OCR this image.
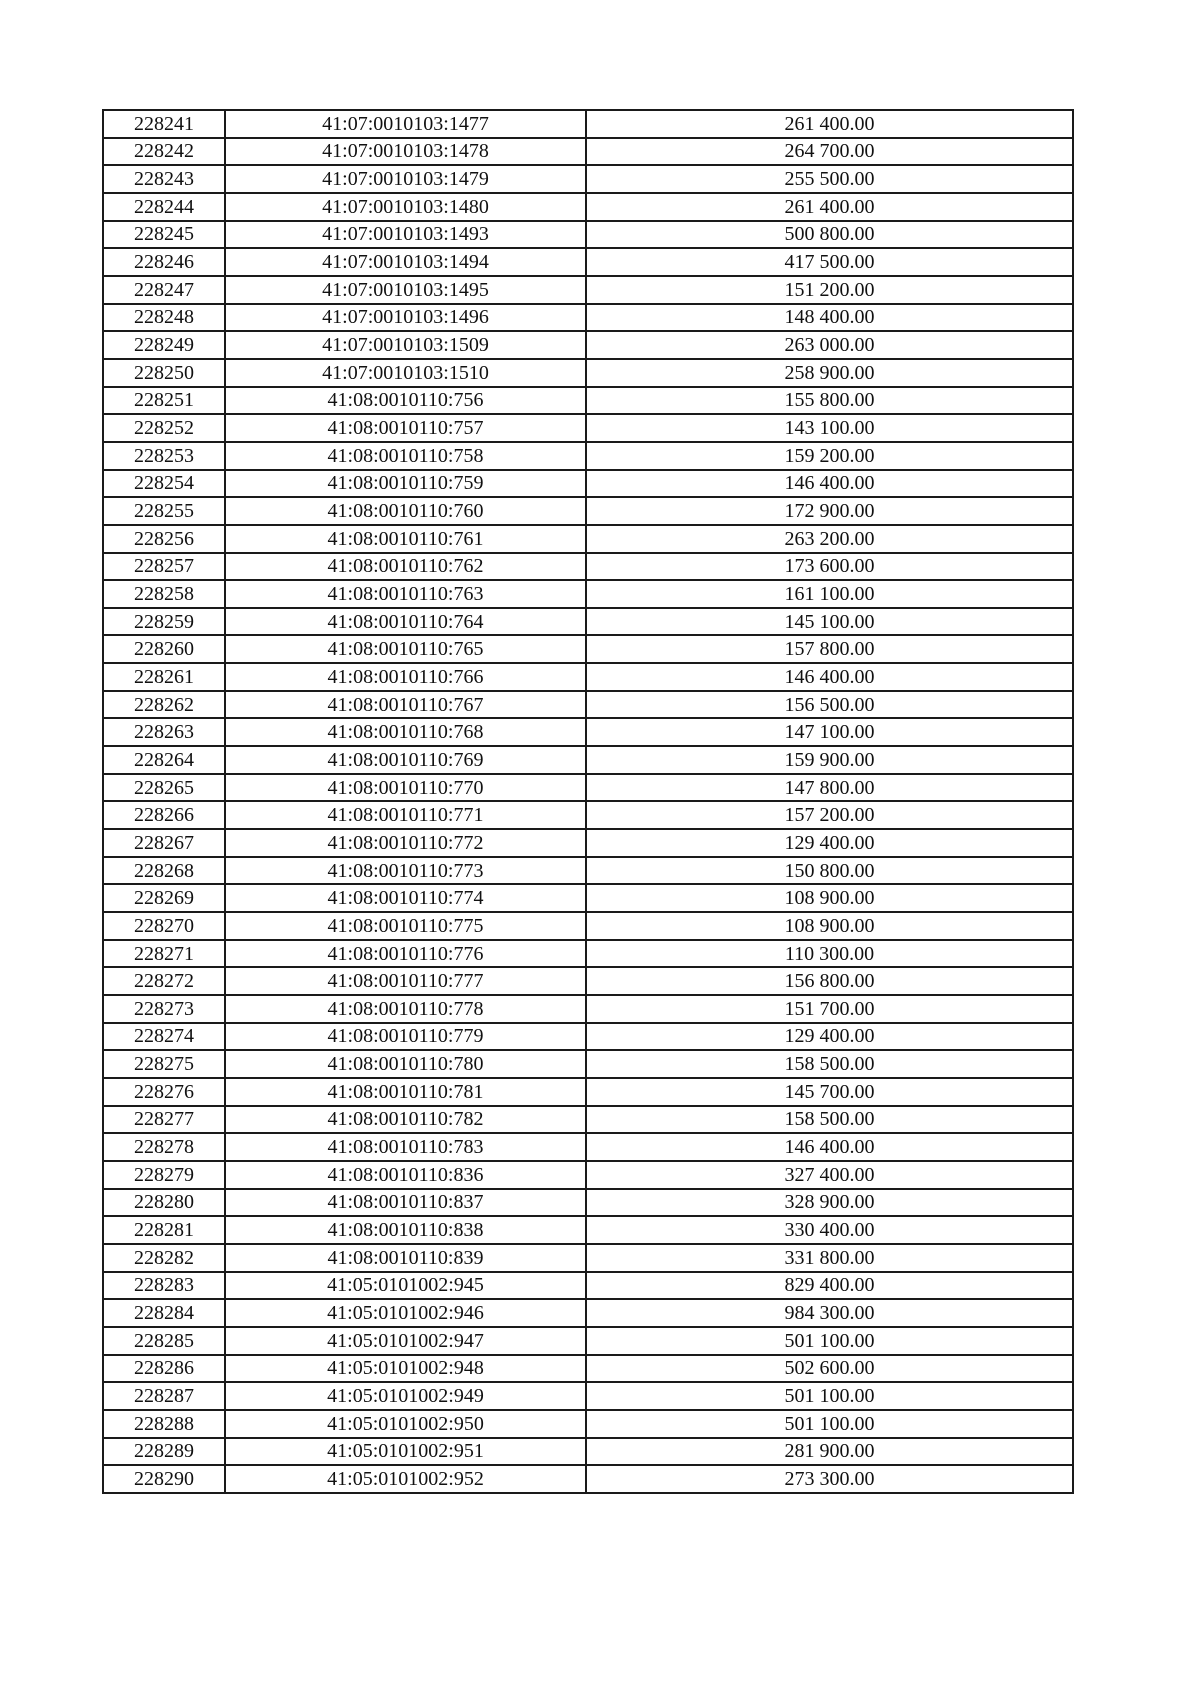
228241	41:07:0010103:1477	261 400.00
228242	41:07:0010103:1478	264 700.00
228243	41:07:0010103:1479	255 500.00
228244	41:07:0010103:1480	261 400.00
228245	41:07:0010103:1493	500 800.00
228246	41:07:0010103:1494	417 500.00
228247	41:07:0010103:1495	151 200.00
228248	41:07:0010103:1496	148 400.00
228249	41:07:0010103:1509	263 000.00
228250	41:07:0010103:1510	258 900.00
228251	41:08:0010110:756	155 800.00
228252	41:08:0010110:757	143 100.00
228253	41:08:0010110:758	159 200.00
228254	41:08:0010110:759	146 400.00
228255	41:08:0010110:760	172 900.00
228256	41:08:0010110:761	263 200.00
228257	41:08:0010110:762	173 600.00
228258	41:08:0010110:763	161 100.00
228259	41:08:0010110:764	145 100.00
228260	41:08:0010110:765	157 800.00
228261	41:08:0010110:766	146 400.00
228262	41:08:0010110:767	156 500.00
228263	41:08:0010110:768	147 100.00
228264	41:08:0010110:769	159 900.00
228265	41:08:0010110:770	147 800.00
228266	41:08:0010110:771	157 200.00
228267	41:08:0010110:772	129 400.00
228268	41:08:0010110:773	150 800.00
228269	41:08:0010110:774	108 900.00
228270	41:08:0010110:775	108 900.00
228271	41:08:0010110:776	110 300.00
228272	41:08:0010110:777	156 800.00
228273	41:08:0010110:778	151 700.00
228274	41:08:0010110:779	129 400.00
228275	41:08:0010110:780	158 500.00
228276	41:08:0010110:781	145 700.00
228277	41:08:0010110:782	158 500.00
228278	41:08:0010110:783	146 400.00
228279	41:08:0010110:836	327 400.00
228280	41:08:0010110:837	328 900.00
228281	41:08:0010110:838	330 400.00
228282	41:08:0010110:839	331 800.00
228283	41:05:0101002:945	829 400.00
228284	41:05:0101002:946	984 300.00
228285	41:05:0101002:947	501 100.00
228286	41:05:0101002:948	502 600.00
228287	41:05:0101002:949	501 100.00
228288	41:05:0101002:950	501 100.00
228289	41:05:0101002:951	281 900.00
228290	41:05:0101002:952	273 300.00
